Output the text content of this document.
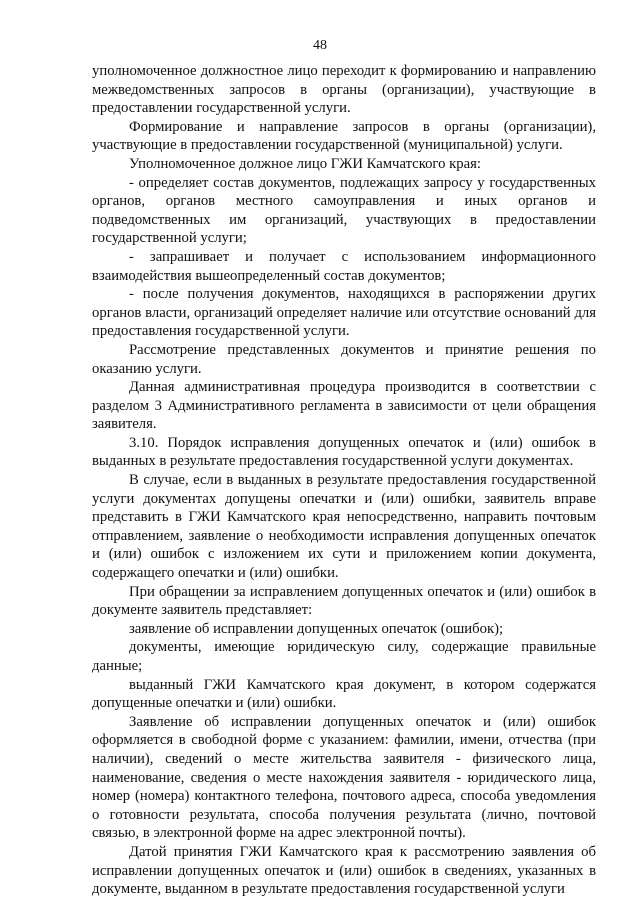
48

уполномоченное должностное лицо переходит к формированию и направлению межведомственных запросов в органы (организации), участвующие в предоставлении государственной услуги.

Формирование и направление запросов в органы (организации), участвующие в предоставлении государственной (муниципальной) услуги.

Уполномоченное должное лицо ГЖИ Камчатского края:

- определяет состав документов, подлежащих запросу у государственных органов, органов местного самоуправления и иных органов и подведомственных им организаций, участвующих в предоставлении государственной услуги;

- запрашивает и получает с использованием информационного взаимодействия вышеопределенный состав документов;

- после получения документов, находящихся в распоряжении других органов власти, организаций определяет наличие или отсутствие оснований для предоставления государственной услуги.

Рассмотрение представленных документов и принятие решения по оказанию услуги.

Данная административная процедура производится в соответствии с разделом 3 Административного регламента в зависимости от цели обращения заявителя.

3.10. Порядок исправления допущенных опечаток и (или) ошибок в выданных в результате предоставления государственной услуги документах.

В случае, если в выданных в результате предоставления государственной услуги документах допущены опечатки и (или) ошибки, заявитель вправе представить в ГЖИ Камчатского края непосредственно, направить почтовым отправлением, заявление о необходимости исправления допущенных опечаток и (или) ошибок с изложением их сути и приложением копии документа, содержащего опечатки и (или) ошибки.

При обращении за исправлением допущенных опечаток и (или) ошибок в документе заявитель представляет:

заявление об исправлении допущенных опечаток (ошибок);

документы, имеющие юридическую силу, содержащие правильные данные;

выданный ГЖИ Камчатского края документ, в котором содержатся допущенные опечатки и (или) ошибки.

Заявление об исправлении допущенных опечаток и (или) ошибок оформляется в свободной форме с указанием: фамилии, имени, отчества (при наличии), сведений о месте жительства заявителя - физического лица, наименование, сведения о месте нахождения заявителя - юридического лица, номер (номера) контактного телефона, почтового адреса, способа уведомления о готовности результата, способа получения результата (лично, почтовой связью, в электронной форме на адрес электронной почты).

Датой принятия ГЖИ Камчатского края к рассмотрению заявления об исправлении допущенных опечаток и (или) ошибок в сведениях, указанных в документе, выданном в результате предоставления государственной услуги
